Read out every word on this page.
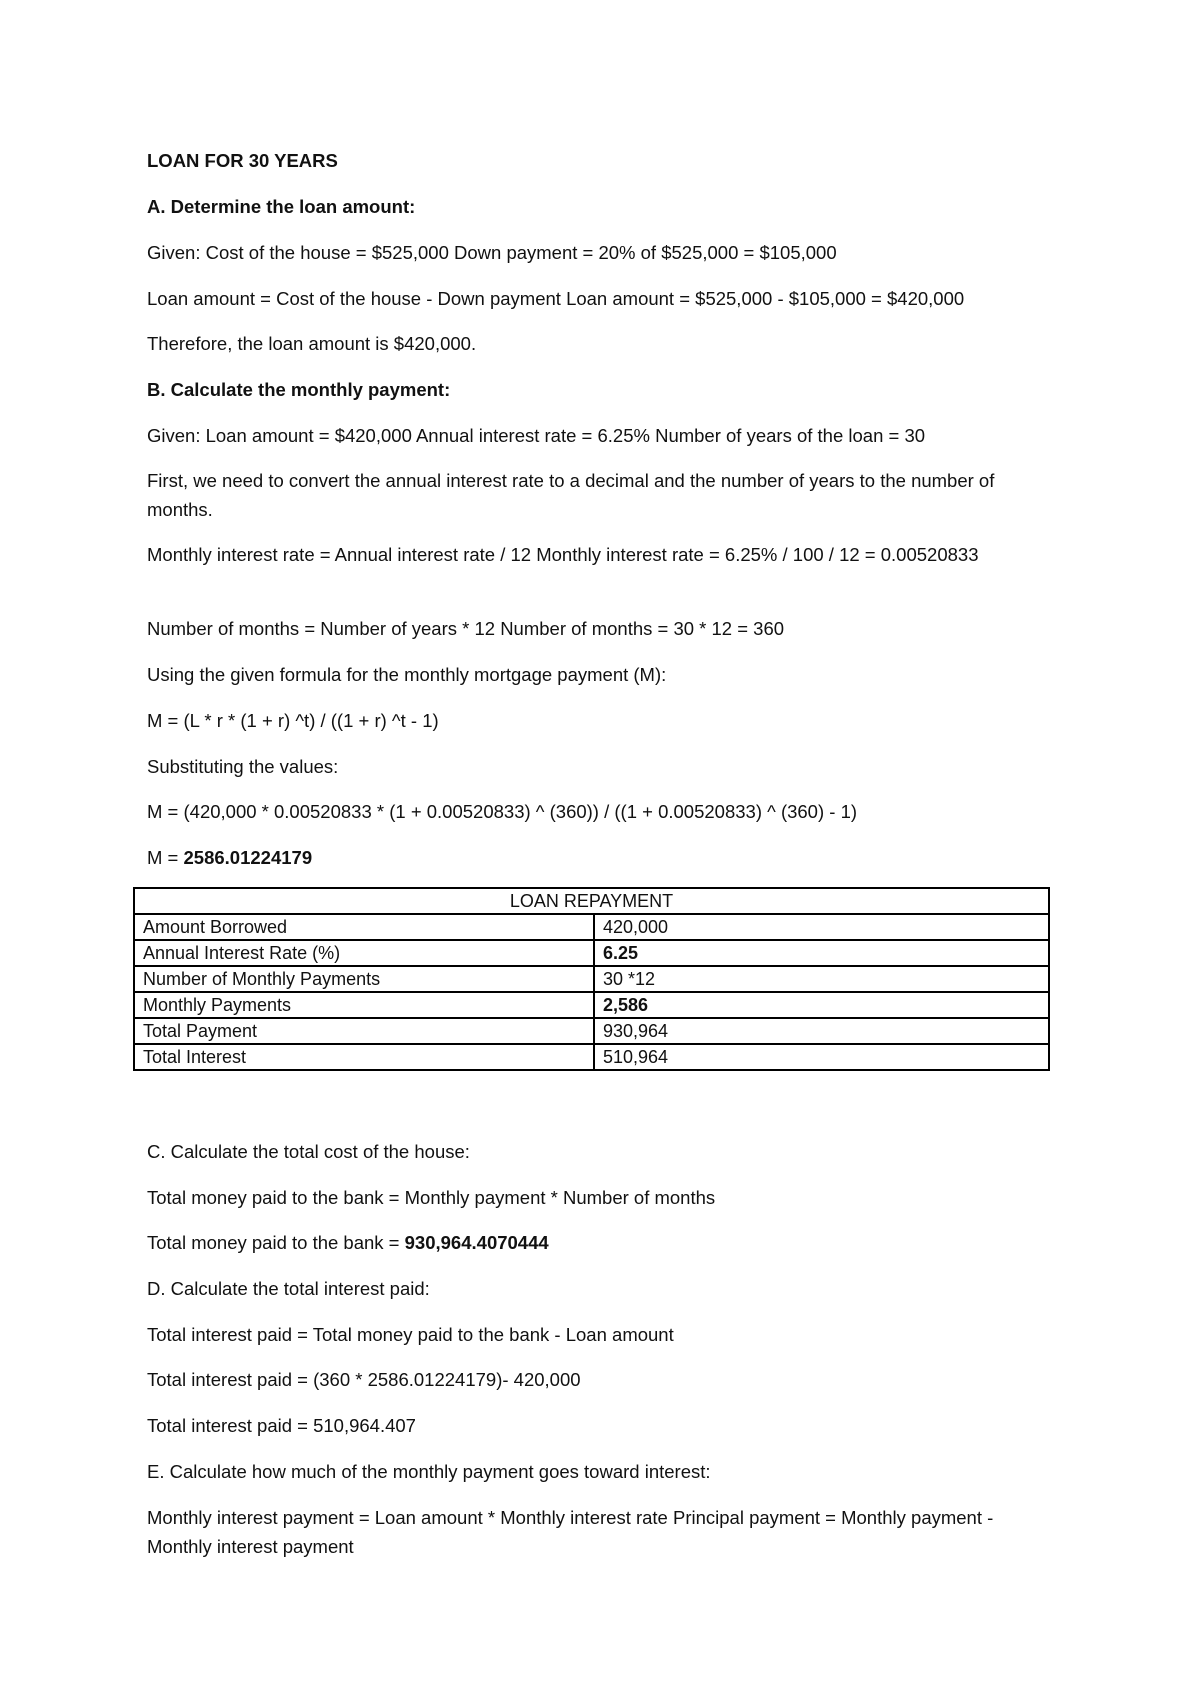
LOAN FOR 30 YEARS

A. Determine the loan amount:

Given: Cost of the house = $525,000 Down payment = 20% of $525,000 = $105,000

Loan amount = Cost of the house - Down payment Loan amount = $525,000 - $105,000 = $420,000

Therefore, the loan amount is $420,000.

B. Calculate the monthly payment:

Given: Loan amount = $420,000 Annual interest rate = 6.25% Number of years of the loan = 30

First, we need to convert the annual interest rate to a decimal and the number of years to the number of months.

Monthly interest rate = Annual interest rate / 12 Monthly interest rate = 6.25% / 100 / 12 = 0.00520833

Number of months = Number of years * 12 Number of months = 30 * 12 = 360

Using the given formula for the monthly mortgage payment (M):

M = (L * r * (1 + r) ^t) / ((1 + r) ^t - 1)

Substituting the values:

M = (420,000 * 0.00520833 * (1 + 0.00520833) ^ (360)) / ((1 + 0.00520833) ^ (360) - 1)

M = 2586.01224179

LOAN REPAYMENT	
Amount Borrowed	420,000
Annual Interest Rate (%)	6.25
Number of Monthly Payments	30 *12
Monthly Payments	2,586
Total Payment	930,964
Total Interest	510,964

C. Calculate the total cost of the house:

Total money paid to the bank = Monthly payment * Number of months

Total money paid to the bank = 930,964.4070444

D. Calculate the total interest paid:

Total interest paid = Total money paid to the bank - Loan amount

Total interest paid = (360 * 2586.01224179)- 420,000

Total interest paid = 510,964.407

E. Calculate how much of the monthly payment goes toward interest:

Monthly interest payment = Loan amount * Monthly interest rate Principal payment = Monthly payment - Monthly interest payment
